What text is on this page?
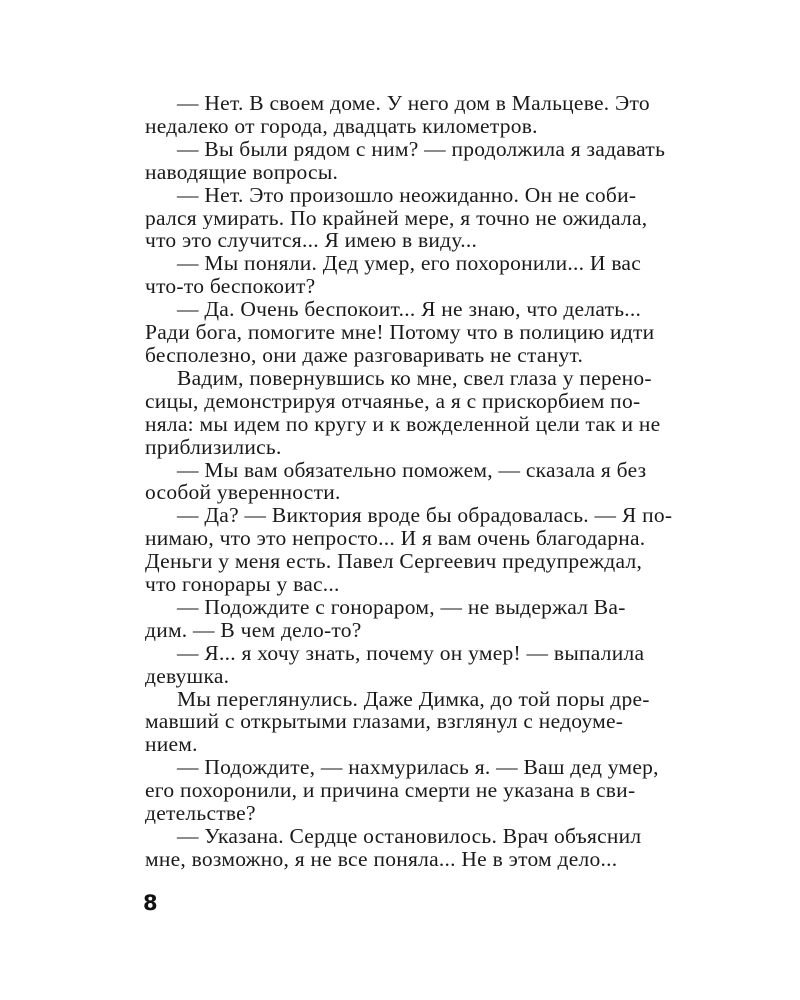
— Нет. В своем доме. У него дом в Мальцеве. Это
недалеко от города, двадцать километров.
— Вы были рядом с ним? — продолжила я задавать
наводящие вопросы.
— Нет. Это произошло неожиданно. Он не соби-
рался умирать. По крайней мере, я точно не ожидала,
что это случится... Я имею в виду...
— Мы поняли. Дед умер, его похоронили... И вас
что-то беспокоит?
— Да. Очень беспокоит... Я не знаю, что делать...
Ради бога, помогите мне! Потому что в полицию идти
бесполезно, они даже разговаривать не станут.
Вадим, повернувшись ко мне, свел глаза у перено-
сицы, демонстрируя отчаянье, а я с прискорбием по-
няла: мы идем по кругу и к вожделенной цели так и не
приблизились.
— Мы вам обязательно поможем, — сказала я без
особой уверенности.
— Да? — Виктория вроде бы обрадовалась. — Я по-
нимаю, что это непросто... И я вам очень благодарна.
Деньги у меня есть. Павел Сергеевич предупреждал,
что гонорары у вас...
— Подождите с гонораром, — не выдержал Ва-
дим. — В чем дело-то?
— Я... я хочу знать, почему он умер! — выпалила
девушка.
Мы переглянулись. Даже Димка, до той поры дре-
мавший с открытыми глазами, взглянул с недоуме-
нием.
— Подождите, — нахмурилась я. — Ваш дед умер,
его похоронили, и причина смерти не указана в сви-
детельстве?
— Указана. Сердце остановилось. Врач объяснил
мне, возможно, я не все поняла... Не в этом дело...
8
